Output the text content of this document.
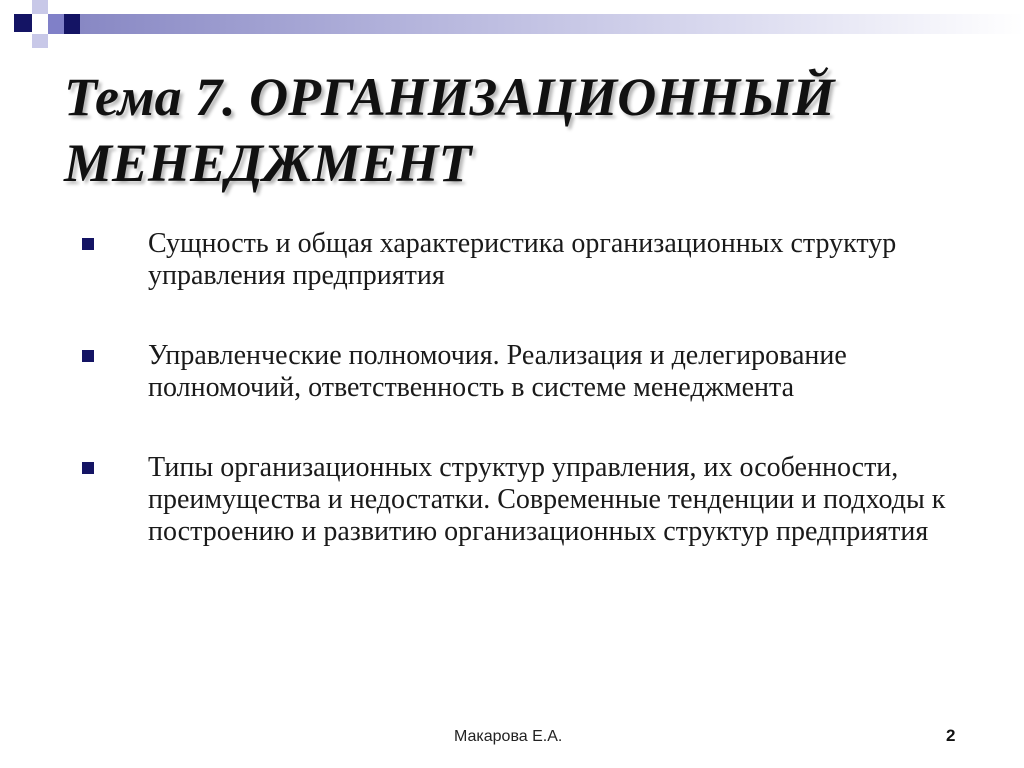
Тема 7. ОРГАНИЗАЦИОННЫЙ МЕНЕДЖМЕНТ
Сущность и общая характеристика организационных структур управления предприятия
Управленческие полномочия. Реализация и делегирование полномочий, ответственность в системе менеджмента
Типы организационных структур управления, их особенности, преимущества и недостатки. Современные тенденции и подходы к построению и развитию организационных структур предприятия
Макарова Е.А.	2
